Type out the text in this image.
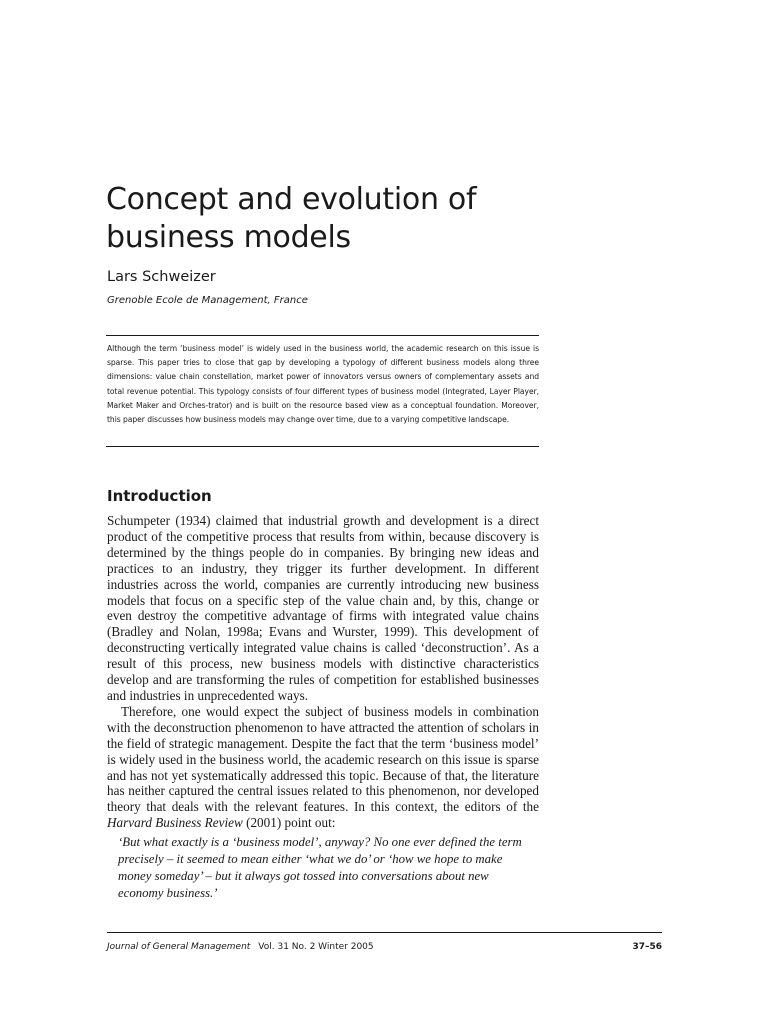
Concept and evolution of business models
Lars Schweizer
Grenoble Ecole de Management, France

Although the term ‘business model’ is widely used in the business world, the academic research on this issue is sparse. This paper tries to close that gap by developing a typology of different business models along three dimensions: value chain constellation, market power of innovators versus owners of complementary assets and total revenue potential. This typology consists of four different types of business model (Integrated, Layer Player, Market Maker and Orches-trator) and is built on the resource based view as a conceptual foundation. Moreover, this paper discusses how business models may change over time, due to a varying competitive landscape.

Introduction

Schumpeter (1934) claimed that industrial growth and development is a direct product of the competitive process that results from within, because discovery is determined by the things people do in companies. By bringing new ideas and practices to an industry, they trigger its further development. In different industries across the world, companies are currently introducing new business models that focus on a specific step of the value chain and, by this, change or even destroy the competitive advantage of firms with integrated value chains (Bradley and Nolan, 1998a; Evans and Wurster, 1999). This development of deconstructing vertically integrated value chains is called ‘deconstruction’. As a result of this process, new business models with distinctive characteristics develop and are transforming the rules of competition for established businesses and industries in unprecedented ways.

Therefore, one would expect the subject of business models in combination with the deconstruction phenomenon to have attracted the attention of scholars in the field of strategic management. Despite the fact that the term ‘business model’ is widely used in the business world, the academic research on this issue is sparse and has not yet systematically addressed this topic. Because of that, the literature has neither captured the central issues related to this phenomenon, nor developed theory that deals with the relevant features. In this context, the editors of the Harvard Business Review (2001) point out:

‘But what exactly is a ‘business model’, anyway? No one ever defined the term precisely – it seemed to mean either ‘what we do’ or ‘how we hope to make money someday’ – but it always got tossed into conversations about new economy business.’

Journal of General Management Vol. 31 No. 2 Winter 2005	37–56
